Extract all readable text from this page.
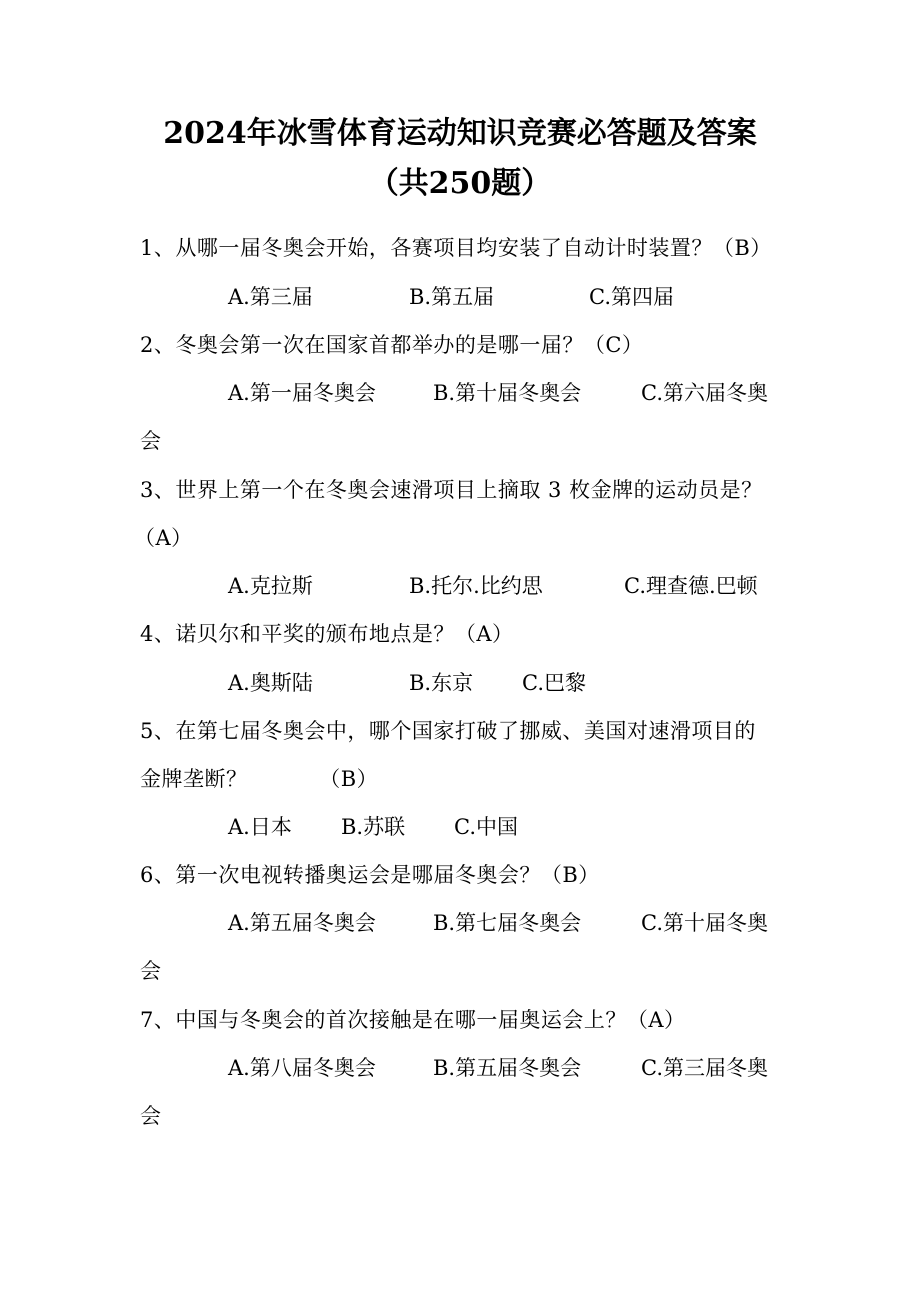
2024年冰雪体育运动知识竞赛必答题及答案
（共250题）
1、从哪一届冬奥会开始，各赛项目均安装了自动计时装置？（B）
A.第三届	B.第五届	C.第四届
2、冬奥会第一次在国家首都举办的是哪一届？（C）
A.第一届冬奥会	B.第十届冬奥会	C.第六届冬奥
会
3、世界上第一个在冬奥会速滑项目上摘取 3 枚金牌的运动员是？
（A）
A.克拉斯	B.托尔.比约思	C.理查德.巴顿
4、诺贝尔和平奖的颁布地点是？（A）
A.奥斯陆	B.东京 C.巴黎
5、在第七届冬奥会中，哪个国家打破了挪威、美国对速滑项目的
金牌垄断？          （B）
A.日本 B.苏联 C.中国
6、第一次电视转播奥运会是哪届冬奥会？（B）
A.第五届冬奥会	B.第七届冬奥会	C.第十届冬奥
会
7、中国与冬奥会的首次接触是在哪一届奥运会上？（A）
A.第八届冬奥会	B.第五届冬奥会	C.第三届冬奥
会
